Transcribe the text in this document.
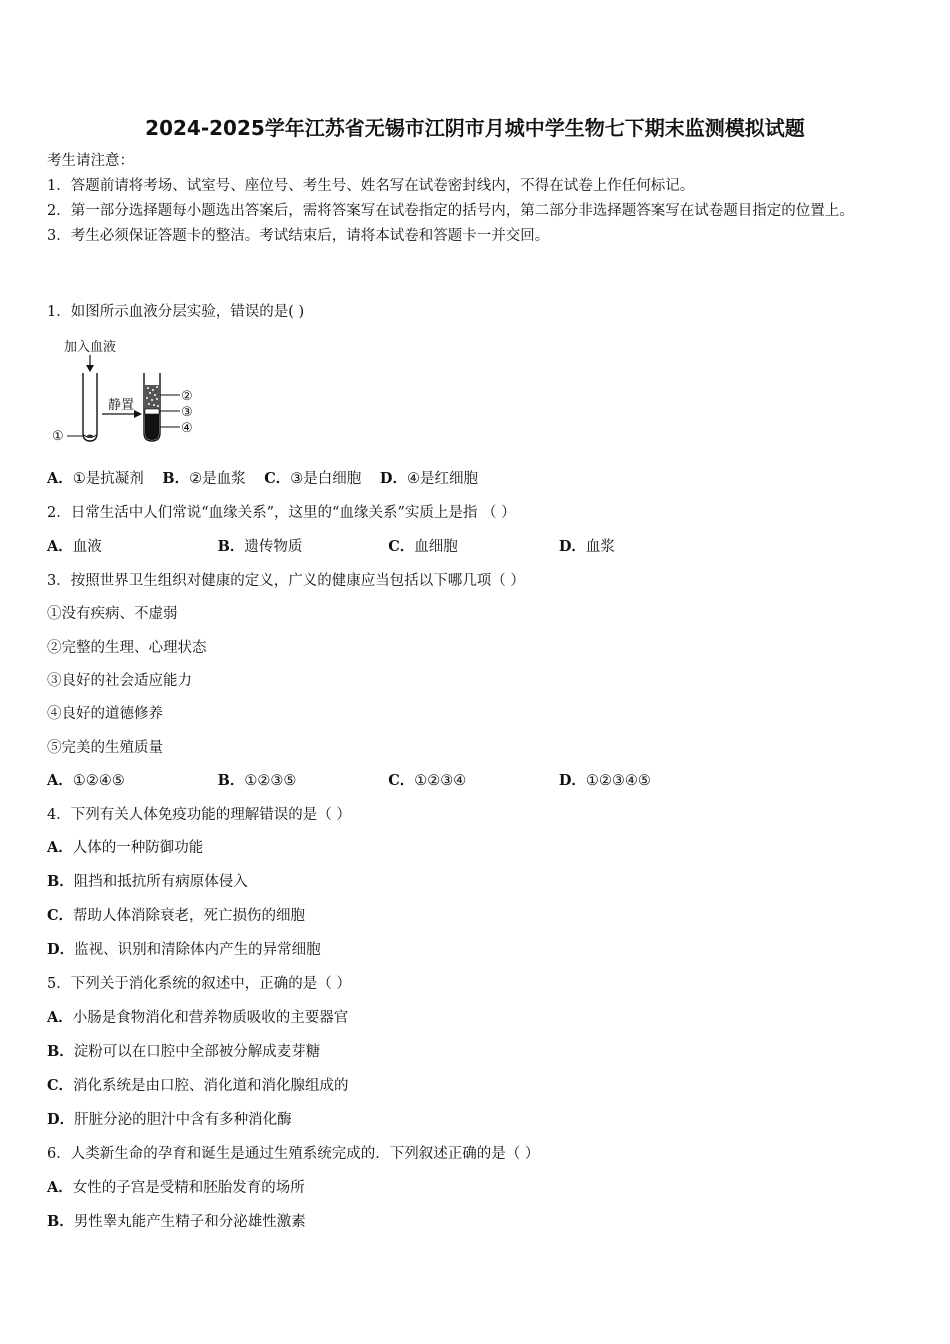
2024-2025学年江苏省无锡市江阴市月城中学生物七下期末监测模拟试题
考生请注意：
1．答题前请将考场、试室号、座位号、考生号、姓名写在试卷密封线内，不得在试卷上作任何标记。
2．第一部分选择题每小题选出答案后，需将答案写在试卷指定的括号内，第二部分非选择题答案写在试卷题目指定的位置上。
3．考生必须保证答题卡的整洁。考试结束后，请将本试卷和答题卡一并交回。
1．如图所示血液分层实验，错误的是( )
加入血液
①
静置
②
③
④
A．①是抗凝剂 B．②是血浆 C．③是白细胞 D．④是红细胞
2．日常生活中人们常说“血缘关系”，这里的“血缘关系”实质上是指 （ ）
A．血液	B．遗传物质	C．血细胞	D．血浆
3．按照世界卫生组织对健康的定义，广义的健康应当包括以下哪几项（ ）
①没有疾病、不虚弱
②完整的生理、心理状态
③良好的社会适应能力
④良好的道德修养
⑤完美的生殖质量
A．①②④⑤	B．①②③⑤	C．①②③④	D．①②③④⑤
4．下列有关人体免疫功能的理解错误的是（ ）
A．人体的一种防御功能
B．阻挡和抵抗所有病原体侵入
C．帮助人体消除衰老，死亡损伤的细胞
D．监视、识别和清除体内产生的异常细胞
5．下列关于消化系统的叙述中，正确的是（ ）
A．小肠是食物消化和营养物质吸收的主要器官
B．淀粉可以在口腔中全部被分解成麦芽糖
C．消化系统是由口腔、消化道和消化腺组成的
D．肝脏分泌的胆汁中含有多种消化酶
6．人类新生命的孕育和诞生是通过生殖系统完成的．下列叙述正确的是（ ）
A．女性的子宫是受精和胚胎发育的场所
B．男性睾丸能产生精子和分泌雄性激素
